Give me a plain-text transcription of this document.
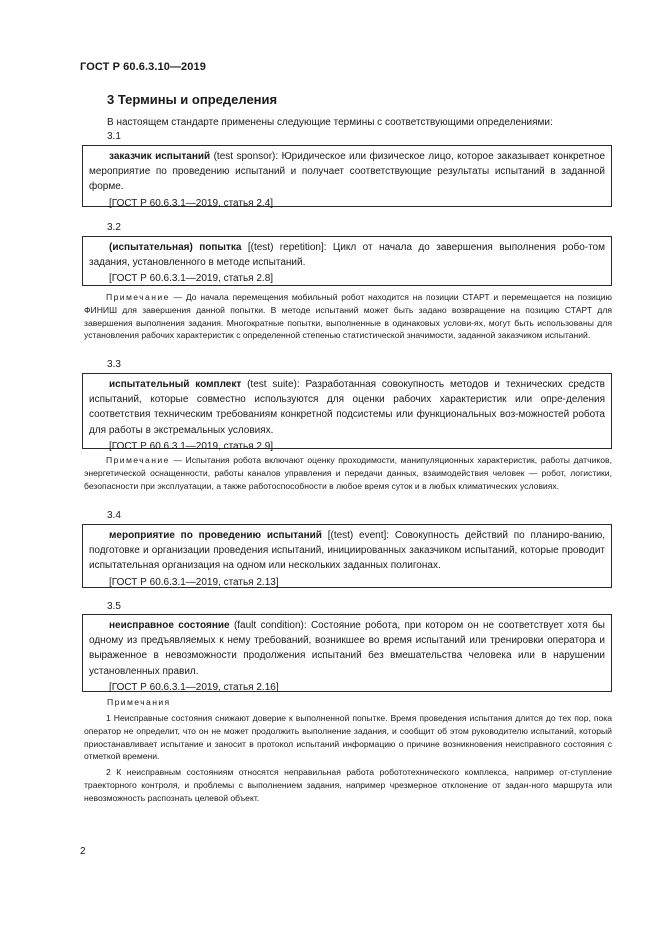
ГОСТ Р 60.6.3.10—2019
3 Термины и определения
В настоящем стандарте применены следующие термины с соответствующими определениями:
3.1

заказчик испытаний (test sponsor): Юридическое или физическое лицо, которое заказывает конкретное мероприятие по проведению испытаний и получает соответствующие результаты испытаний в заданной форме.

[ГОСТ Р 60.6.3.1—2019, статья 2.4]

3.2

(испытательная) попытка [(test) repetition]: Цикл от начала до завершения выполнения робо-том задания, установленного в методе испытаний.

[ГОСТ Р 60.6.3.1—2019, статья 2.8]

Примечание — До начала перемещения мобильный робот находится на позиции СТАРТ и перемещается на позицию ФИНИШ для завершения данной попытки. В методе испытаний может быть задано возвращение на позицию СТАРТ для завершения выполнения задания. Многократные попытки, выполненные в одинаковых услови-ях, могут быть использованы для установления рабочих характеристик с определенной степенью статистической значимости, заданной заказчиком испытаний.

3.3

испытательный комплект (test suite): Разработанная совокупность методов и технических средств испытаний, которые совместно используются для оценки рабочих характеристик или опре-деления соответствия техническим требованиям конкретной подсистемы или функциональных воз-можностей робота для работы в экстремальных условиях.

[ГОСТ Р 60.6.3.1—2019, статья 2.9]

Примечание — Испытания робота включают оценку проходимости, манипуляционных характеристик, работы датчиков, энергетической оснащенности, работы каналов управления и передачи данных, взаимодействия человек — робот, логистики, безопасности при эксплуатации, а также работоспособности в любое время суток и в любых климатических условиях.

3.4

мероприятие по проведению испытаний [(test) event]: Совокупность действий по планиро-ванию, подготовке и организации проведения испытаний, инициированных заказчиком испытаний, которые проводит испытательная организация на одном или нескольких заданных полигонах.

[ГОСТ Р 60.6.3.1—2019, статья 2.13]

3.5

неисправное состояние (fault condition): Состояние робота, при котором он не соответствует хотя бы одному из предъявляемых к нему требований, возникшее во время испытаний или тренировки оператора и выраженное в невозможности продолжения испытаний без вмешательства человека или в нарушении установленных правил.

[ГОСТ Р 60.6.3.1—2019, статья 2.16]

Примечания

1 Неисправные состояния снижают доверие к выполненной попытке. Время проведения испытания длится до тех пор, пока оператор не определит, что он не может продолжить выполнение задания, и сообщит об этом руководителю испытаний, который приостанавливает испытание и заносит в протокол испытаний информацию о причине возникновения неисправного состояния с отметкой времени.

2 К неисправным состояниям относятся неправильная работа робототехнического комплекса, например от-ступление траекторного контроля, и проблемы с выполнением задания, например чрезмерное отклонение от задан-ного маршрута или невозможность распознать целевой объект.

2
